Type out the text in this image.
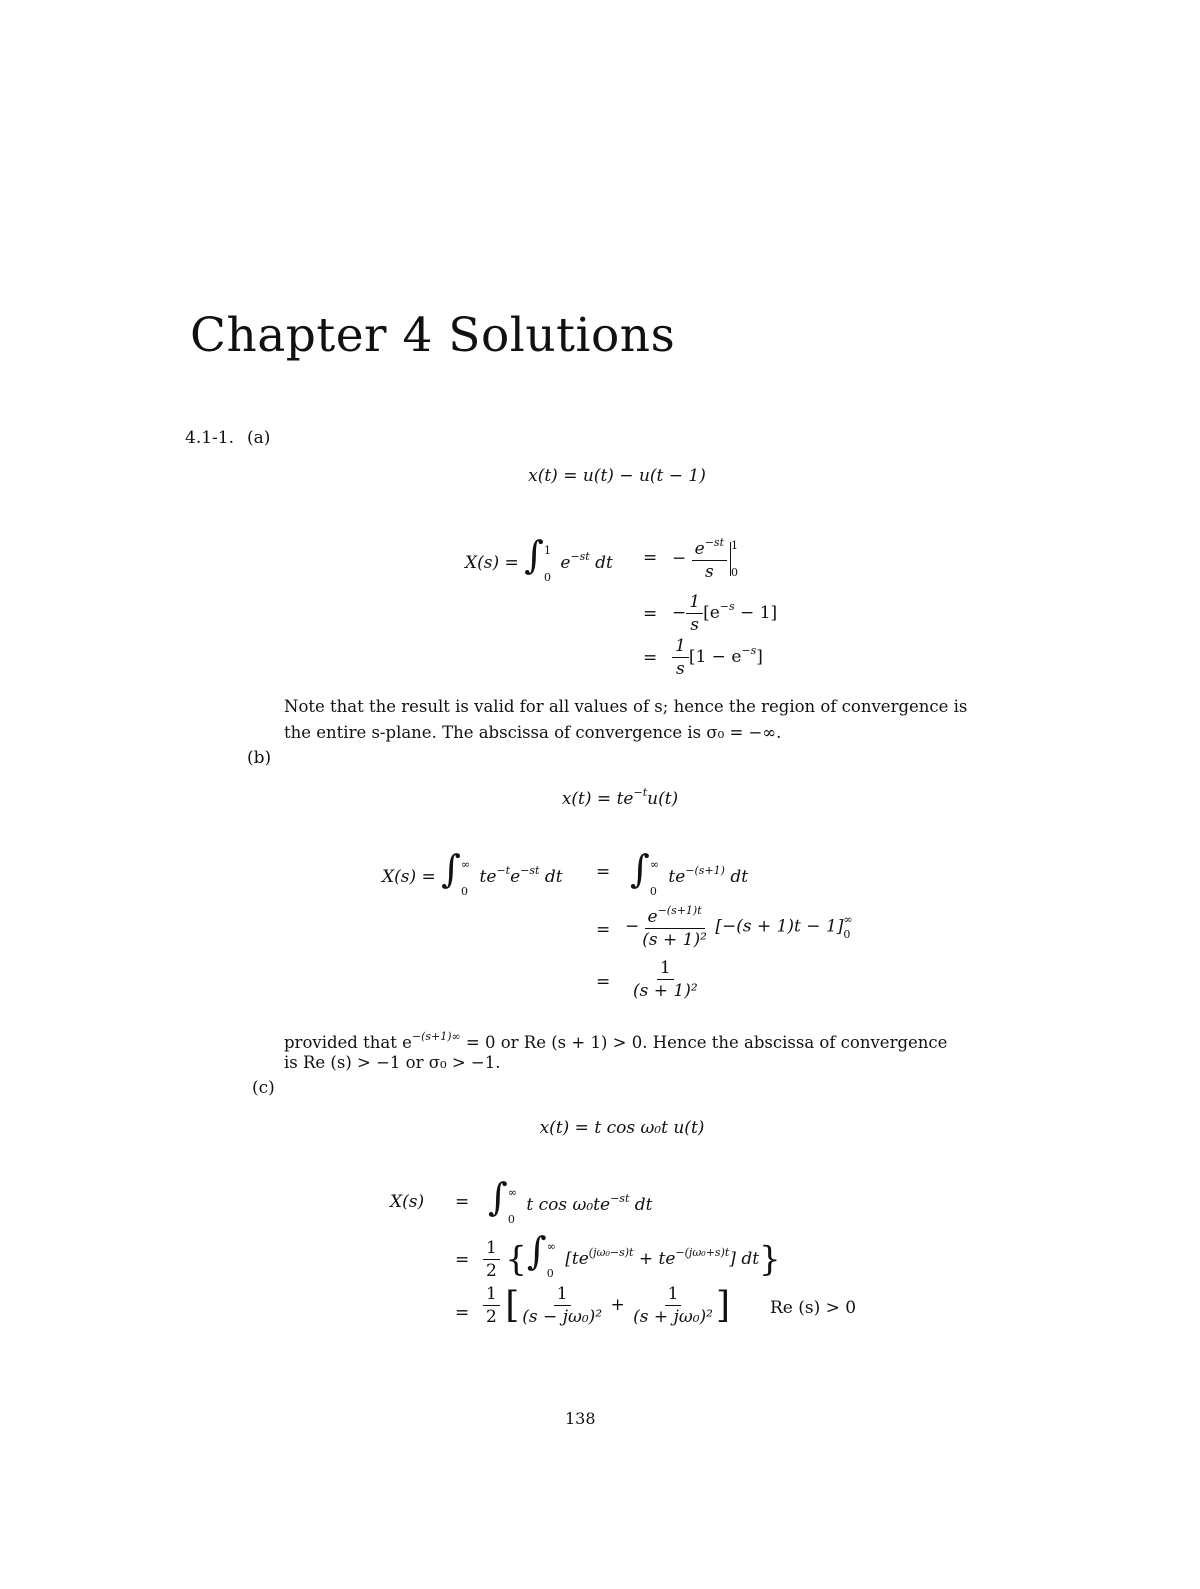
Chapter 4 Solutions
4.1-1. (a)
x(t) = u(t) − u(t − 1)
X(s) = ∫ 1
0
$e^{-st}$ dt = − $\frac{e^{-st}}{s} 1$
0
= − $\frac{1}{s} [e^{-s} - 1]$
= $\frac{1}{s} [1 - e^{-s}]$
Note that the result is valid for all values of s; hence the region of convergence is
the entire s-plane. The abscissa of convergence is σ₀ = −∞.
(b)
$x(t) = te^{-t}u(t)$
X(s) = ∫ ∞
0
$te^{-t}e^{-st}$ dt = ∫ ∞
0
$te^{-(s+1)}$ dt
= − $\frac{e^{-(s+1)t}}{\text{(s + 1)²}} [-(s + 1)t - 1]$ ∞
0
= $\frac{1}{\text{(s + 1)²}}$
provided that $e^{-(s+1)\infty} = 0$ or Re (s + 1) > 0. Hence the abscissa of convergence
is Re (s) > −1 or σ₀ > −1.
(c)
x(t) = t cos ω₀t u(t)
X(s) = ∫ ∞
0
t $\cos \omega_0te^{-st}$ dt
= $\frac{1}{2}$ {∫ ∞
0
$[te^{(j\omega_0-s)t} + te^{-(j\omega_0+s)t}]$ dt}
= $\frac{1}{2}$ [ $\frac{1}{\text{(s − jω₀)²}} + \frac{1}{\text{(s + jω₀)²}}$ ] Re (s) > 0
138
